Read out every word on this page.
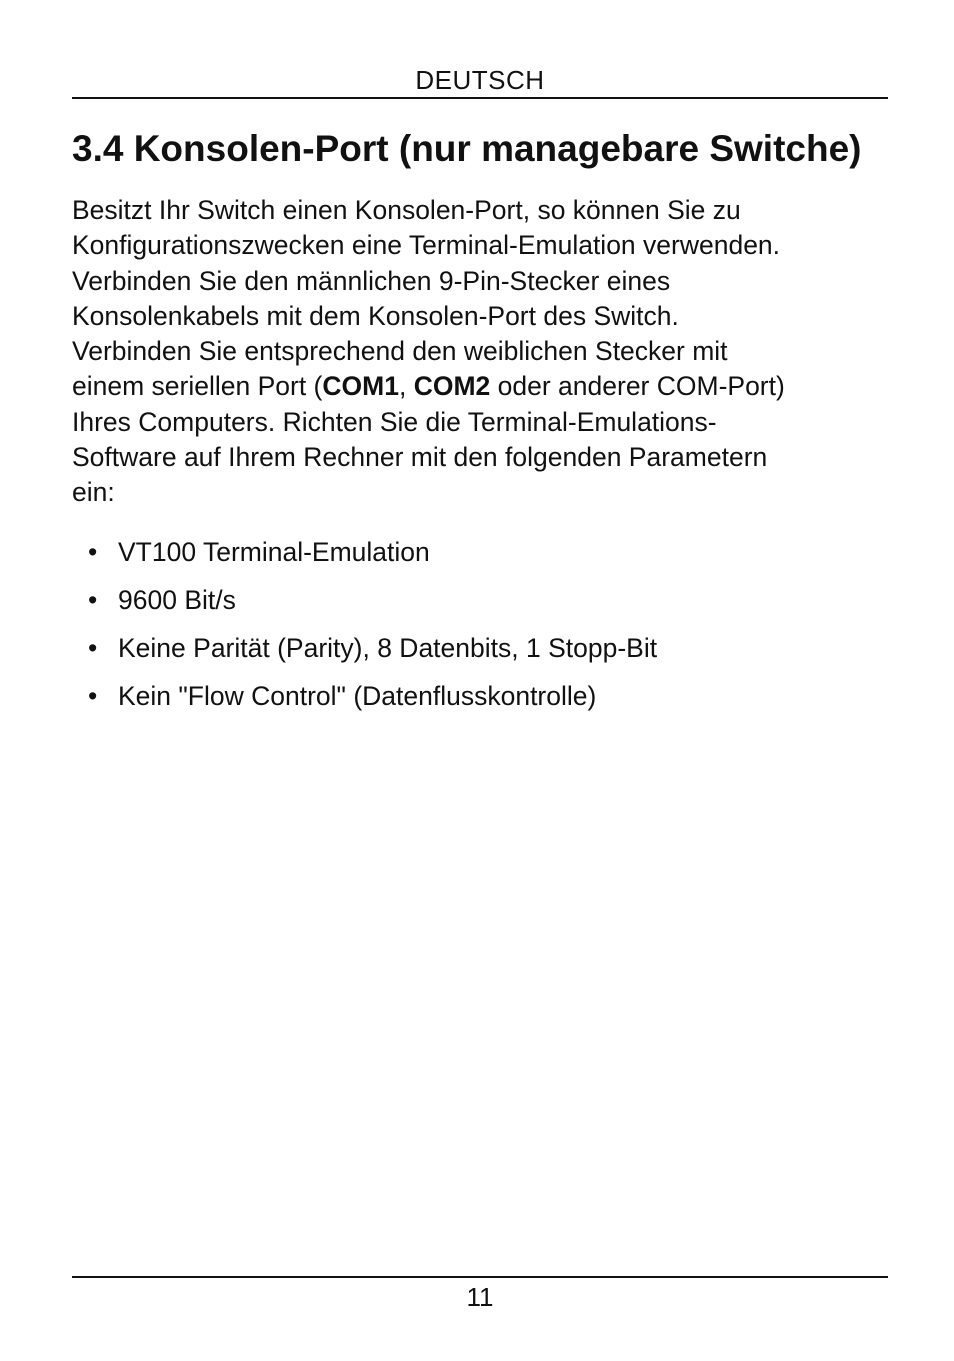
DEUTSCH
3.4 Konsolen-Port (nur managebare Switche)

Besitzt Ihr Switch einen Konsolen-Port, so können Sie zu
Konfigurationszwecken eine Terminal-Emulation verwenden.
Verbinden Sie den männlichen 9-Pin-Stecker eines
Konsolenkabels mit dem Konsolen-Port des Switch.
Verbinden Sie entsprechend den weiblichen Stecker mit
einem seriellen Port (COM1, COM2 oder anderer COM-Port)
Ihres Computers. Richten Sie die Terminal-Emulations-
Software auf Ihrem Rechner mit den folgenden Parametern
ein:

• VT100 Terminal-Emulation
• 9600 Bit/s
• Keine Parität (Parity), 8 Datenbits, 1 Stopp-Bit
• Kein "Flow Control" (Datenflusskontrolle)
11
